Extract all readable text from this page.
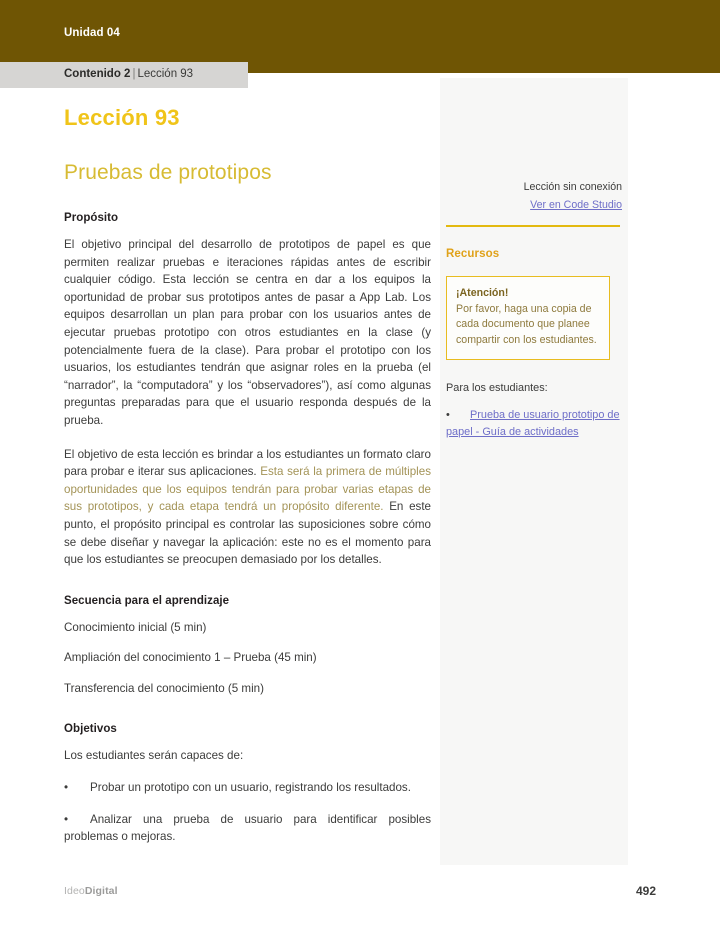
Unidad 04
Contenido 2 | Lección 93
Lección 93
Pruebas de prototipos
Propósito

El objetivo principal del desarrollo de prototipos de papel es que permiten realizar pruebas e iteraciones rápidas antes de escribir cualquier código. Esta lección se centra en dar a los equipos la oportunidad de probar sus prototipos antes de pasar a App Lab. Los equipos desarrollan un plan para probar con los usuarios antes de ejecutar pruebas prototipo con otros estudiantes en la clase (y potencialmente fuera de la clase). Para probar el prototipo con los usuarios, los estudiantes tendrán que asignar roles en la prueba (el “narrador”, la “computadora” y los “observadores”), así como algunas preguntas preparadas para que el usuario responda después de la prueba.

El objetivo de esta lección es brindar a los estudiantes un formato claro para probar e iterar sus aplicaciones. Esta será la primera de múltiples oportunidades que los equipos tendrán para probar varias etapas de sus prototipos, y cada etapa tendrá un propósito diferente. En este punto, el propósito principal es controlar las suposiciones sobre cómo se debe diseñar y navegar la aplicación: este no es el momento para que los estudiantes se preocupen demasiado por los detalles.

Secuencia para el aprendizaje
Conocimiento inicial (5 min)
Ampliación del conocimiento 1 – Prueba (45 min)
Transferencia del conocimiento (5 min)
Objetivos
Los estudiantes serán capaces de:
• Probar un prototipo con un usuario, registrando los resultados.
• Analizar una prueba de usuario para identificar posibles problemas o mejoras.
Lección sin conexión
Ver en Code Studio
Recursos
¡Atención!
Por favor, haga una copia de cada documento que planee compartir con los estudiantes.
Para los estudiantes:
• Prueba de usuario prototipo de papel - Guía de actividades
IdeoDigital	492
